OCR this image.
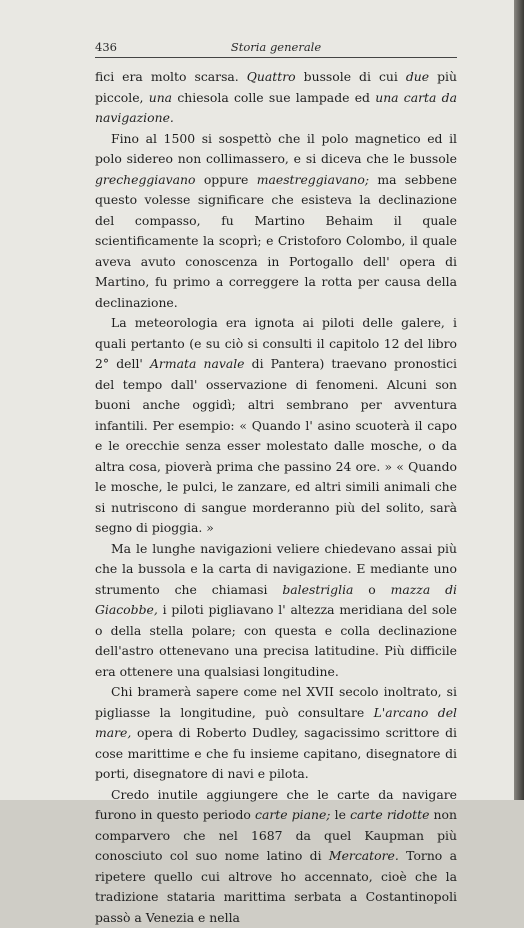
436	Storia generale

fici era molto scarsa. Quattro bussole di cui due più piccole, una chiesola colle sue lampade ed una carta da navigazione.

Fino al 1500 si sospettò che il polo magnetico ed il polo sidereo non collimassero, e si diceva che le bussole grecheggiavano oppure maestreggiavano; ma sebbene questo volesse significare che esisteva la declinazione del compasso, fu Martino Behaim il quale scientificamente la scoprì; e Cristoforo Colombo, il quale aveva avuto conoscenza in Portogallo dell' opera di Martino, fu primo a correggere la rotta per causa della declinazione.

La meteorologia era ignota ai piloti delle galere, i quali pertanto (e su ciò si consulti il capitolo 12 del libro 2° dell' Armata navale di Pantera) traevano pronostici del tempo dall' osservazione di fenomeni. Alcuni son buoni anche oggidì; altri sembrano per avventura infantili. Per esempio: « Quando l' asino scuoterà il capo e le orecchie senza esser molestato dalle mosche, o da altra cosa, pioverà prima che passino 24 ore. » « Quando le mosche, le pulci, le zanzare, ed altri simili animali che si nutriscono di sangue morderanno più del solito, sarà segno di pioggia. »

Ma le lunghe navigazioni veliere chiedevano assai più che la bussola e la carta di navigazione. E mediante uno strumento che chiamasi balestriglia o mazza di Giacobbe, i piloti pigliavano l' altezza meridiana del sole o della stella polare; con questa e colla declinazione dell'astro ottenevano una precisa latitudine. Più difficile era ottenere una qualsiasi longitudine.

Chi bramerà sapere come nel XVII secolo inoltrato, si pigliasse la longitudine, può consultare L'arcano del mare, opera di Roberto Dudley, sagacissimo scrittore di cose marittime e che fu insieme capitano, disegnatore di porti, disegnatore di navi e pilota.

Credo inutile aggiungere che le carte da navigare furono in questo periodo carte piane; le carte ridotte non comparvero che nel 1687 da quel Kaupman più conosciuto col suo nome latino di Mercatore. Torno a ripetere quello cui altrove ho accennato, cioè che la tradizione stataria marittima serbata a Costantinopoli passò a Venezia e nella
